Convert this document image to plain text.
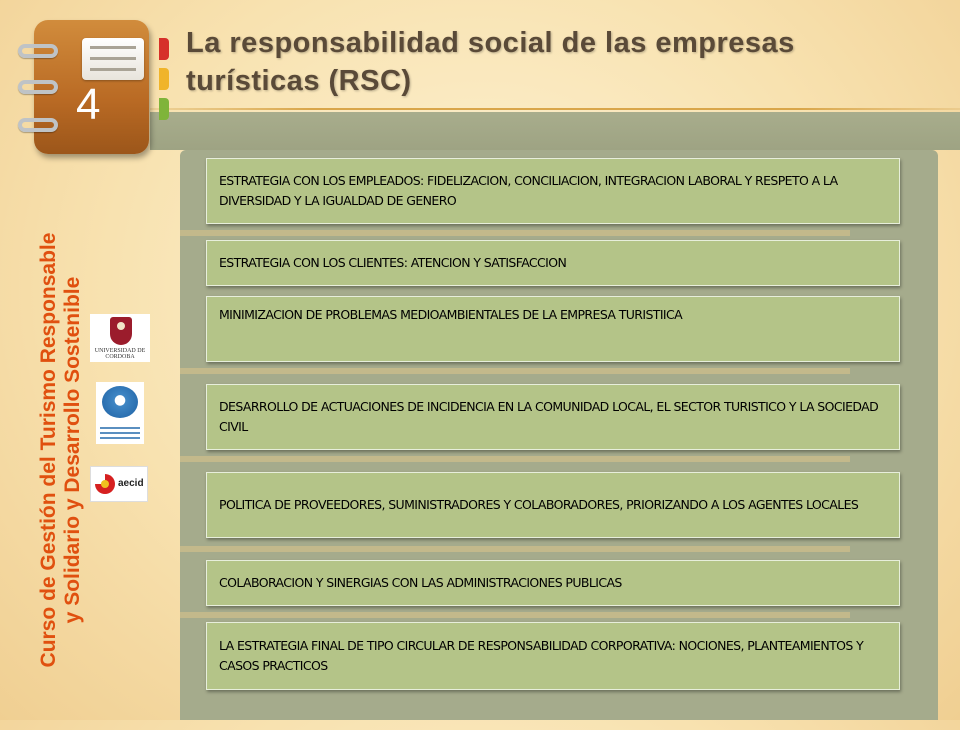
La responsabilidad social de las empresas
turísticas (RSC)
4
Curso de Gestión del Turismo Responsable y Solidario y Desarrollo Sostenible	UNIVERSIDAD DE CORDOBA
aecid
ESTRATEGIA CON LOS EMPLEADOS: FIDELIZACION, CONCILIACION, INTEGRACION LABORAL Y RESPETO A LA DIVERSIDAD Y LA IGUALDAD DE GENERO
ESTRATEGIA CON LOS CLIENTES: ATENCION Y SATISFACCION
MINIMIZACION DE PROBLEMAS MEDIOAMBIENTALES DE LA EMPRESA TURISTIICA
DESARROLLO DE ACTUACIONES DE INCIDENCIA EN LA COMUNIDAD LOCAL, EL SECTOR TURISTICO Y LA SOCIEDAD CIVIL
POLITICA DE PROVEEDORES, SUMINISTRADORES Y COLABORADORES, PRIORIZANDO A LOS AGENTES LOCALES
COLABORACION Y SINERGIAS CON LAS ADMINISTRACIONES PUBLICAS
LA ESTRATEGIA FINAL DE TIPO CIRCULAR DE RESPONSABILIDAD CORPORATIVA: NOCIONES, PLANTEAMIENTOS Y CASOS PRACTICOS
